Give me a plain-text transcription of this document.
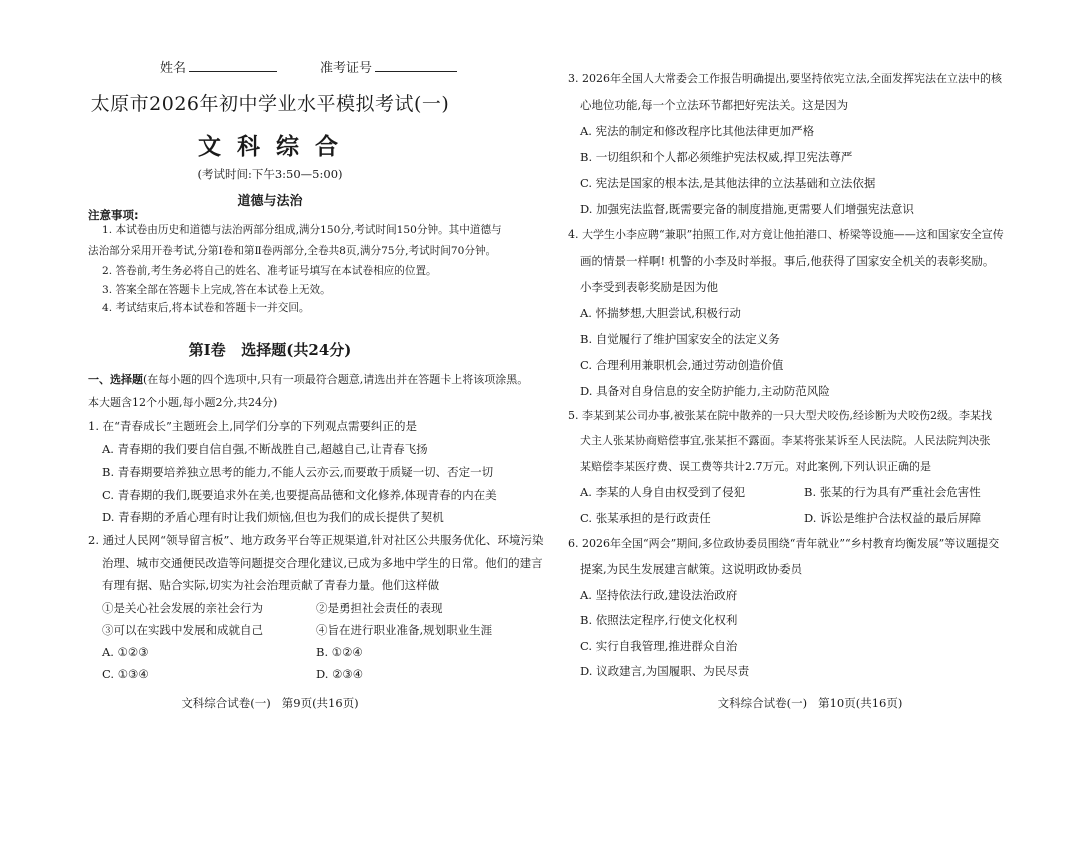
姓名	准考证号
太原市2026年初中学业水平模拟考试(一)
文 科 综 合
(考试时间:下午3:50—5:00)
道德与法治
注意事项:
1. 本试卷由历史和道德与法治两部分组成,满分150分,考试时间150分钟。其中道德与
法治部分采用开卷考试,分第Ⅰ卷和第Ⅱ卷两部分,全卷共8页,满分75分,考试时间70分钟。
2. 答卷前,考生务必将自己的姓名、准考证号填写在本试卷相应的位置。
3. 答案全部在答题卡上完成,答在本试卷上无效。
4. 考试结束后,将本试卷和答题卡一并交回。
第Ⅰ卷   选择题(共24分)
一、选择题(在每小题的四个选项中,只有一项最符合题意,请选出并在答题卡上将该项涂黑。
本大题含12个小题,每小题2分,共24分)
1. 在“青春成长”主题班会上,同学们分享的下列观点需要纠正的是
A. 青春期的我们要自信自强,不断战胜自己,超越自己,让青春飞扬
B. 青春期要培养独立思考的能力,不能人云亦云,而要敢于质疑一切、否定一切
C. 青春期的我们,既要追求外在美,也要提高品德和文化修养,体现青春的内在美
D. 青春期的矛盾心理有时让我们烦恼,但也为我们的成长提供了契机
2. 通过人民网“领导留言板”、地方政务平台等正规渠道,针对社区公共服务优化、环境污染
治理、城市交通便民改造等问题提交合理化建议,已成为多地中学生的日常。他们的建言
有理有据、贴合实际,切实为社会治理贡献了青春力量。他们这样做
①是关心社会发展的亲社会行为	②是勇担社会责任的表现
③可以在实践中发展和成就自己	④旨在进行职业准备,规划职业生涯
A. ①②③	B. ①②④
C. ①③④	D. ②③④
文科综合试卷(一)   第9页(共16页)
3. 2026年全国人大常委会工作报告明确提出,要坚持依宪立法,全面发挥宪法在立法中的核
心地位功能,每一个立法环节都把好宪法关。这是因为
A. 宪法的制定和修改程序比其他法律更加严格
B. 一切组织和个人都必须维护宪法权威,捍卫宪法尊严
C. 宪法是国家的根本法,是其他法律的立法基础和立法依据
D. 加强宪法监督,既需要完备的制度措施,更需要人们增强宪法意识
4. 大学生小李应聘“兼职”拍照工作,对方竟让他拍港口、桥梁等设施——这和国家安全宣传
画的情景一样啊! 机警的小李及时举报。事后,他获得了国家安全机关的表彰奖励。
小李受到表彰奖励是因为他
A. 怀揣梦想,大胆尝试,积极行动
B. 自觉履行了维护国家安全的法定义务
C. 合理利用兼职机会,通过劳动创造价值
D. 具备对自身信息的安全防护能力,主动防范风险
5. 李某到某公司办事,被张某在院中散养的一只大型犬咬伤,经诊断为犬咬伤2级。李某找
犬主人张某协商赔偿事宜,张某拒不露面。李某将张某诉至人民法院。人民法院判决张
某赔偿李某医疗费、误工费等共计2.7万元。对此案例,下列认识正确的是
A. 李某的人身自由权受到了侵犯	B. 张某的行为具有严重社会危害性
C. 张某承担的是行政责任	D. 诉讼是维护合法权益的最后屏障
6. 2026年全国“两会”期间,多位政协委员围绕“青年就业”“乡村教育均衡发展”等议题提交
提案,为民生发展建言献策。这说明政协委员
A. 坚持依法行政,建设法治政府
B. 依照法定程序,行使文化权利
C. 实行自我管理,推进群众自治
D. 议政建言,为国履职、为民尽责
文科综合试卷(一)   第10页(共16页)
